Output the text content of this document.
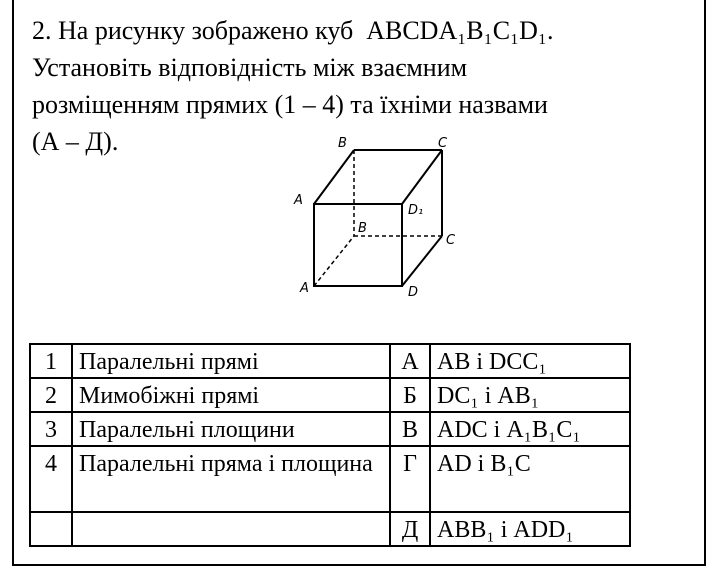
2. На рисунку зображено куб ABCDA₁B₁C₁D₁.
Установіть відповідність між взаємним
розміщенням прямих (1 – 4) та їхніми назвами
(А – Д).	B	C
A
D₁
B
C
A	D
1	Паралельні прямі	А	AB і DCC₁
2	Мимобіжні прямі	Б	DC₁ і AB₁
3	Паралельні площини	В	ADC і A₁B₁C₁
4	Паралельні пряма і площина	Г	AD і B₁C
		Д	ABB₁ і ADD₁
